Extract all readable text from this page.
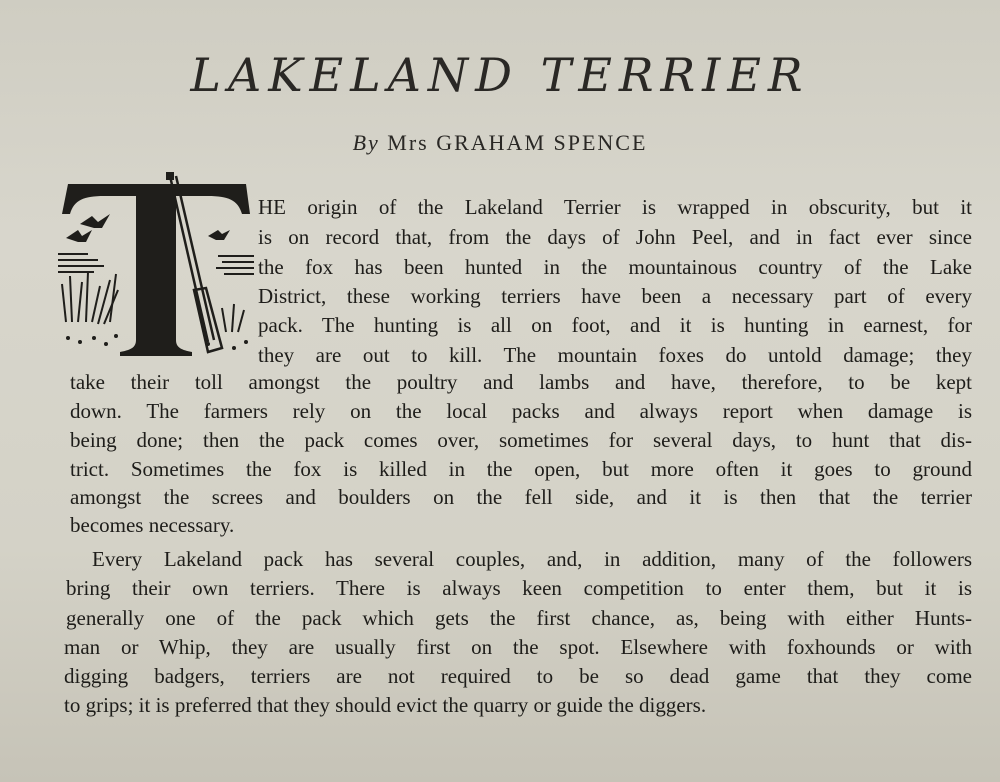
LAKELAND TERRIER
By Mrs GRAHAM SPENCE
HE origin of the Lakeland Terrier is wrapped in obscurity, but it
is on record that, from the days of John Peel, and in fact ever since
the fox has been hunted in the mountainous country of the Lake
District, these working terriers have been a necessary part of every
pack. The hunting is all on foot, and it is hunting in earnest, for
they are out to kill. The mountain foxes do untold damage; they
take their toll amongst the poultry and lambs and have, therefore, to be kept
down. The farmers rely on the local packs and always report when damage is
being done; then the pack comes over, sometimes for several days, to hunt that dis-
trict. Sometimes the fox is killed in the open, but more often it goes to ground
amongst the screes and boulders on the fell side, and it is then that the terrier
becomes necessary.
Every Lakeland pack has several couples, and, in addition, many of the followers
bring their own terriers. There is always keen competition to enter them, but it is
generally one of the pack which gets the first chance, as, being with either Hunts-
man or Whip, they are usually first on the spot. Elsewhere with foxhounds or with
digging badgers, terriers are not required to be so dead game that they come
to grips; it is preferred that they should evict the quarry or guide the diggers.
